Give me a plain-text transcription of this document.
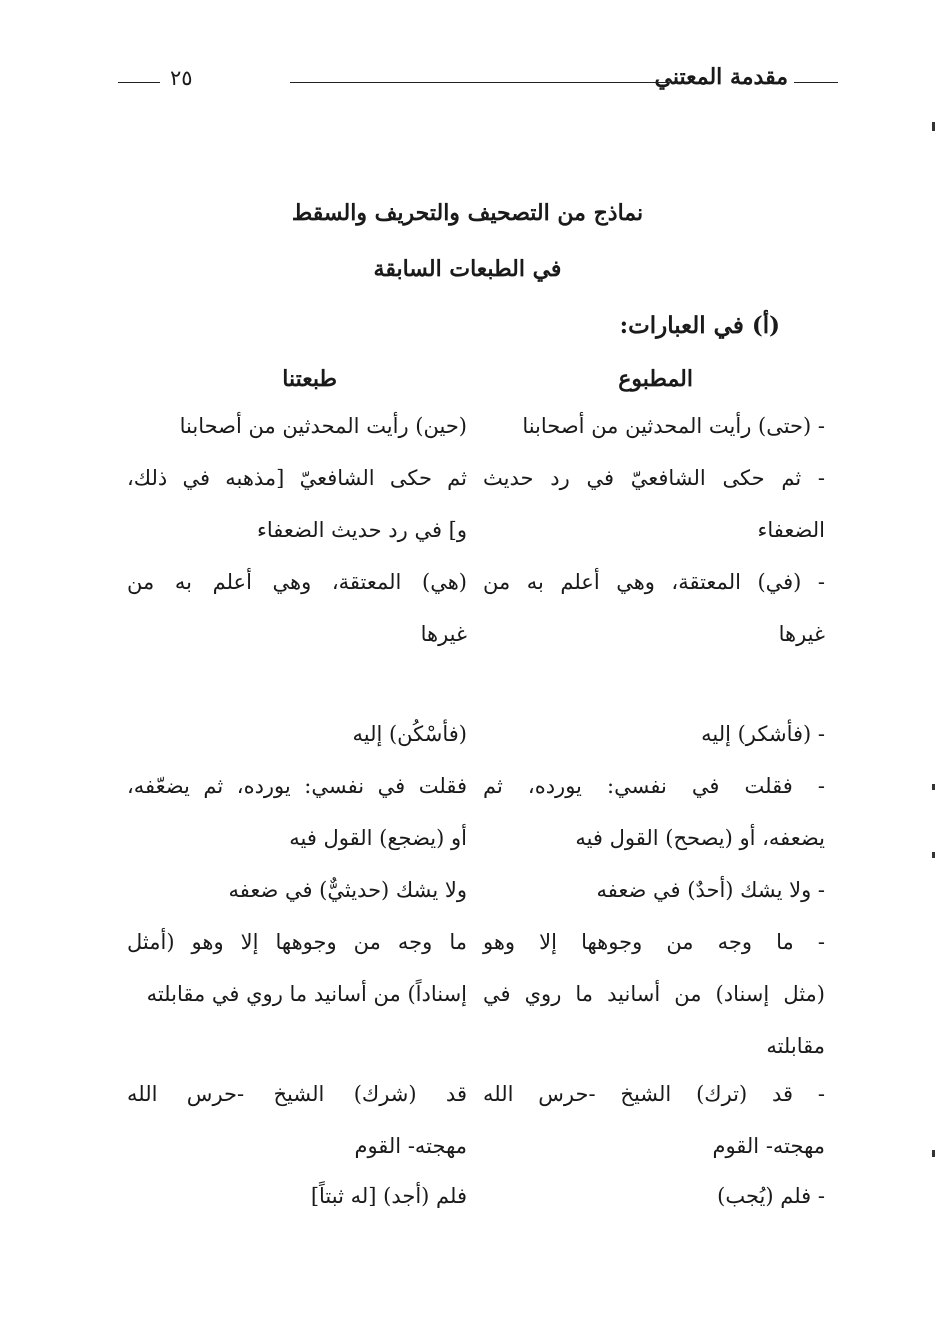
مقدمة المعتني
٢٥
نماذج من التصحيف والتحريف والسقط
في الطبعات السابقة
(أ) في العبارات:
المطبوع
طبعتنا
- (حتى) رأيت المحدثين من أصحابنا
(حين) رأيت المحدثين من أصحابنا
- ثم حكى الشافعيّ في رد حديث
الضعفاء
ثم حكى الشافعيّ [مذهبه في ذلك،
و] في رد حديث الضعفاء
- (في) المعتقة، وهي أعلم به من
غيرها
(هي) المعتقة، وهي أعلم به من
غيرها
- (فأشكر) إليه
(فأسْكُن) إليه
- فقلت في نفسي: يورده، ثم
يضعفه، أو (يصحح) القول فيه
فقلت في نفسي: يورده، ثم يضعّفه،
أو (يضجع) القول فيه
- ولا يشك (أحدٌ) في ضعفه
ولا يشك (حديثيٌّ) في ضعفه
- ما وجه من وجوهها إلا وهو
(مثل إسناد) من أسانيد ما روي في
مقابلته
ما وجه من وجوهها إلا وهو (أمثل
إسناداً) من أسانيد ما روي في مقابلته
- قد (ترك) الشيخ -حرس الله
مهجته- القوم
قد (شرك) الشيخ -حرس الله
مهجته- القوم
- فلم (يُجب)
فلم (أجد) [له ثبتاً]
